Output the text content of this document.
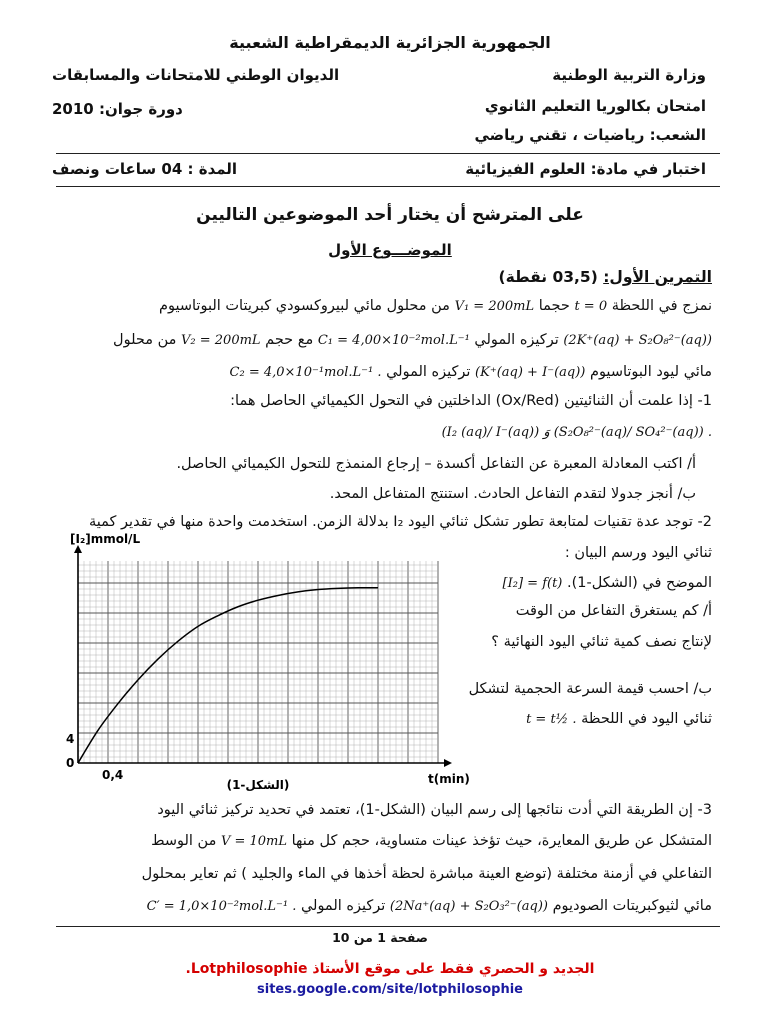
الجمهورية الجزائرية الديمقراطية الشعبية
وزارة التربية الوطنية
الديوان الوطني للامتحانات والمسابقات
امتحان بكالوريا التعليم الثانوي
دورة جوان: 2010
الشعب: رياضيات ، تقني رياضي
اختبار في مادة: العلوم الفيزيائية
المدة : 04 ساعات ونصف
على المترشح أن يختار أحد الموضوعين التاليين
الموضـــوع الأول
التمرين الأول: (03,5 نقطة)
نمزج في اللحظة t = 0 حجما V₁ = 200mL من محلول مائي لبيروكسودي كبريتات البوتاسيوم
(2K⁺(aq) + S₂O₈²⁻(aq)) تركيزه المولي C₁ = 4,00×10⁻²mol.L⁻¹ مع حجم V₂ = 200mL من محلول
مائي ليود البوتاسيوم (K⁺(aq) + I⁻(aq)) تركيزه المولي C₂ = 4,0×10⁻¹mol.L⁻¹ .
1- إذا علمت أن الثنائيتين (Ox/Red) الداخلتين في التحول الكيميائي الحاصل هما:
(I₂ (aq)/ I⁻(aq)) وَ (S₂O₈²⁻(aq)/ SO₄²⁻(aq)) .
أ/ اكتب المعادلة المعبرة عن التفاعل أكسدة – إرجاع المنمذج للتحول الكيميائي الحاصل.
ب/ أنجز جدولا لتقدم التفاعل الحادث. استنتج المتفاعل المحد.
2- توجد عدة تقنيات لمتابعة تطور تشكل ثنائي اليود I₂ بدلالة الزمن. استخدمت واحدة منها في تقدير كمية
ثنائي اليود ورسم البيان :
الموضح في (الشكل-1). [I₂] = f(t)
أ/ كم يستغرق التفاعل من الوقت
لإنتاج نصف كمية ثنائي اليود النهائية ؟
ب/ احسب قيمة السرعة الحجمية لتشكل
ثنائي اليود في اللحظة t = t½ .
[I₂]mmol/L
t(min)
0
4
0,4
(الشكل-1)
3- إن الطريقة التي أدت نتائجها إلى رسم البيان (الشكل-1)، تعتمد في تحديد تركيز ثنائي اليود
المتشكل عن طريق المعايرة، حيث تؤخذ عينات متساوية، حجم كل منها V = 10mL من الوسط
التفاعلي في أزمنة مختلفة (توضع العينة مباشرة لحظة أخذها في الماء والجليد ) ثم تعاير بمحلول
مائي لثيوكبريتات الصوديوم (2Na⁺(aq) + S₂O₃²⁻(aq)) تركيزه المولي C′ = 1,0×10⁻²mol.L⁻¹ .
صفحة 1 من 10
الجديد و الحصري فقط على موقع الأستاذ Lotphilosophie.
sites.google.com/site/lotphilosophie
